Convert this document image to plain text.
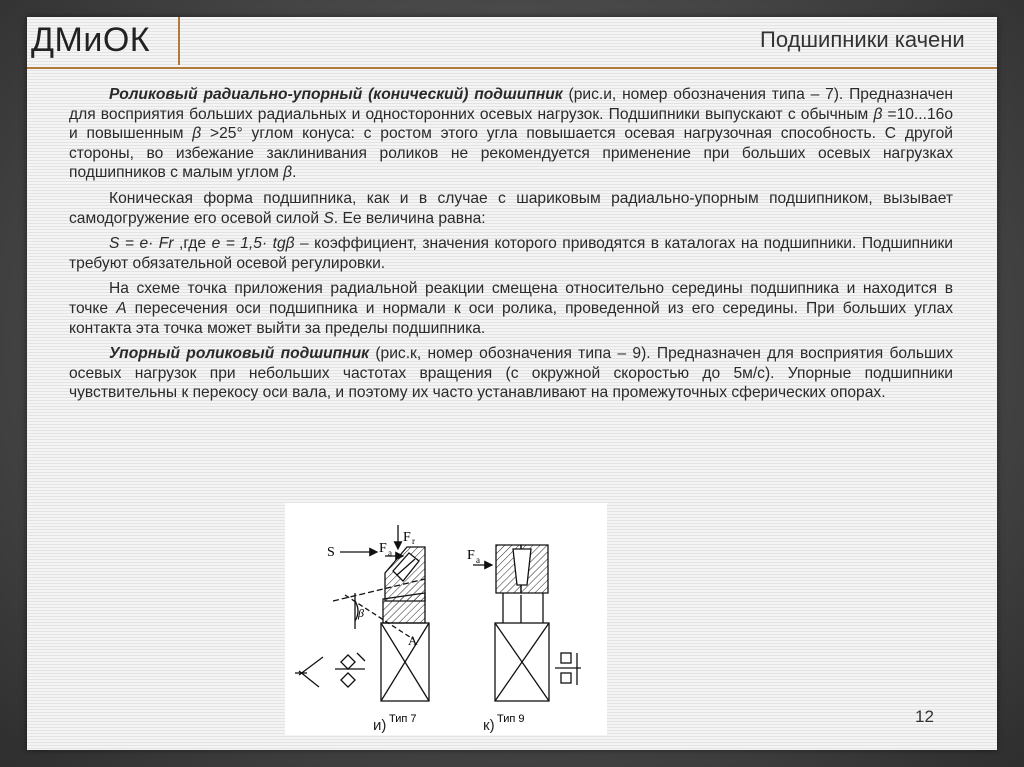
ДМиОК	Подшипники качени

Роликовый радиально-упорный (конический) подшипник (рис.и, номер обозначения типа – 7). Предназначен для восприятия больших радиальных и односторонних осевых нагрузок. Подшипники выпускают с обычным β =10...16о и повышенным β >25° углом конуса: с ростом этого угла повышается осевая нагрузочная способность. С другой стороны, во избежание заклинивания роликов не рекомендуется применение при больших осевых нагрузках подшипников с малым углом β.

Коническая форма подшипника, как и в случае с шариковым радиально-упорным подшипником, вызывает самодогружение его осевой силой S. Ее величина равна:

S = e· Fr ,где e = 1,5· tgβ – коэффициент, значения которого приводятся в каталогах на подшипники. Подшипники требуют обязательной осевой регулировки.

На схеме точка приложения радиальной реакции смещена относительно середины подшипника и находится в точке А пересечения оси подшипника и нормали к оси ролика, проведенной из его середины. При больших углах контакта эта точка может выйти за пределы подшипника.

Упорный роликовый подшипник (рис.к, номер обозначения типа – 9). Предназначен для восприятия больших осевых нагрузок при небольших частотах вращения (с окружной скоростью до 5м/с). Упорные подшипники чувствительны к перекосу оси вала, и поэтому их часто устанавливают на промежуточных сферических опорах.

S	F a
F r
β
A
F a
Тип 7	Тип 9
и)	к)	12
